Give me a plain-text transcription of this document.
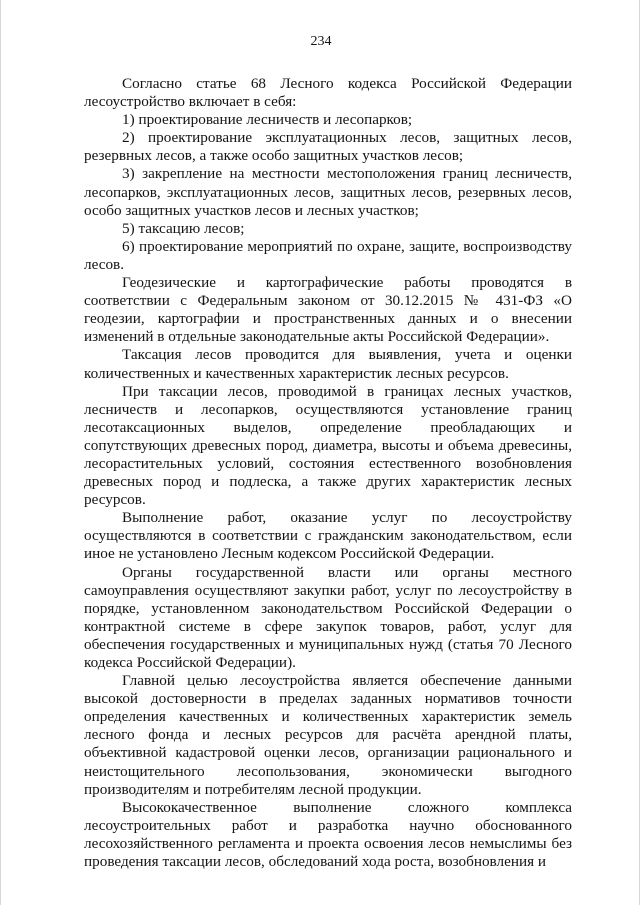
234

Согласно статье 68 Лесного кодекса Российской Федерации лесоустройство включает в себя:

1) проектирование лесничеств и лесопарков;

2) проектирование эксплуатационных лесов, защитных лесов, резервных лесов, а также особо защитных участков лесов;

3) закрепление на местности местоположения границ лесничеств, лесопарков, эксплуатационных лесов, защитных лесов, резервных лесов, особо защитных участков лесов и лесных участков;

5) таксацию лесов;

6) проектирование мероприятий по охране, защите, воспроизводству лесов.

Геодезические и картографические работы проводятся в соответствии с Федеральным законом от 30.12.2015 № 431-ФЗ «О геодезии, картографии и пространственных данных и о внесении изменений в отдельные законодательные акты Российской Федерации».

Таксация лесов проводится для выявления, учета и оценки количественных и качественных характеристик лесных ресурсов.

При таксации лесов, проводимой в границах лесных участков, лесничеств и лесопарков, осуществляются установление границ лесотаксационных выделов, определение преобладающих и сопутствующих древесных пород, диаметра, высоты и объема древесины, лесорастительных условий, состояния естественного возобновления древесных пород и подлеска, а также других характеристик лесных ресурсов.

Выполнение работ, оказание услуг по лесоустройству осуществляются в соответствии с гражданским законодательством, если иное не установлено Лесным кодексом Российской Федерации.

Органы государственной власти или органы местного самоуправления осуществляют закупки работ, услуг по лесоустройству в порядке, установленном законодательством Российской Федерации о контрактной системе в сфере закупок товаров, работ, услуг для обеспечения государственных и муниципальных нужд (статья 70 Лесного кодекса Российской Федерации).

Главной целью лесоустройства является обеспечение данными высокой достоверности в пределах заданных нормативов точности определения качественных и количественных характеристик земель лесного фонда и лесных ресурсов для расчёта арендной платы, объективной кадастровой оценки лесов, организации рационального и неистощительного лесопользования, экономически выгодного производителям и потребителям лесной продукции.

Высококачественное выполнение сложного комплекса лесоустроительных работ и разработка научно обоснованного лесохозяйственного регламента и проекта освоения лесов немыслимы без проведения таксации лесов, обследований хода роста, возобновления и
